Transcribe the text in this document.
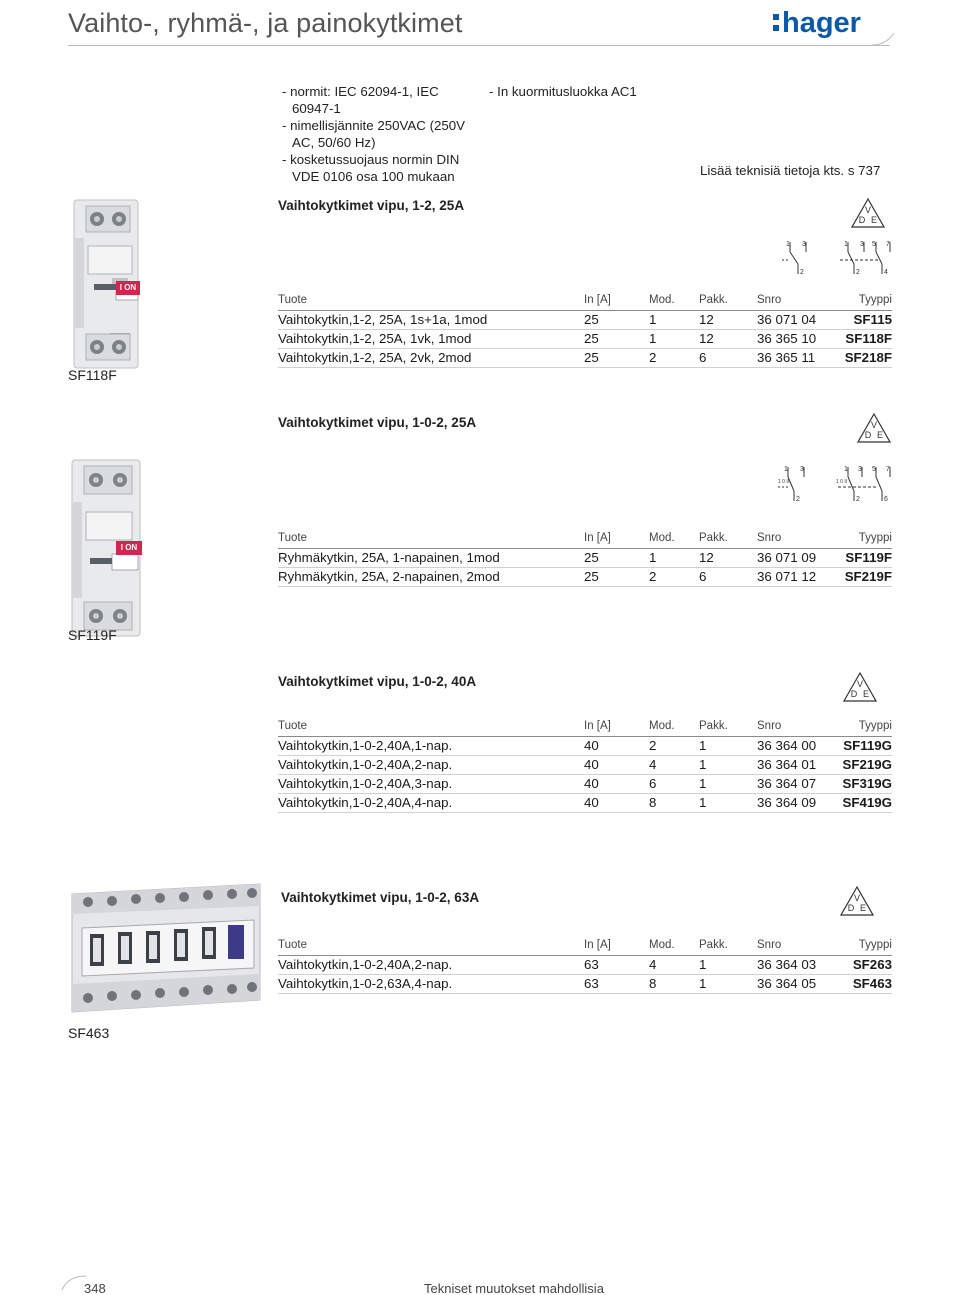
Vaihto-, ryhmä-, ja painokytkimet	hager
- normit: IEC 62094-1, IEC
60947-1
- nimellisjännite 250VAC (250V
AC, 50/60 Hz)
- kosketussuojaus normin DIN
VDE 0106 osa 100 mukaan
- In kuormitusluokka AC1
Lisää teknisiä tietoja kts. s 737
I ON
SF118F
Vaihtokytkimet vipu, 1-2, 25A	V
D E
1 3
2
1 3 5 7
2	4
Tuote	In [A]	Mod.	Pakk.	Snro	Tyyppi
Vaihtokytkin,1-2, 25A, 1s+1a, 1mod	25	1	12	36 071 04	SF115
Vaihtokytkin,1-2, 25A, 1vk, 1mod	25	1	12	36 365 10	SF118F
Vaihtokytkin,1-2, 25A, 2vk, 2mod	25	2	6	36 365 11	SF218F
I ON
SF119F
Vaihtokytkimet vipu, 1-0-2, 25A	V
D E
1 3
2
1 3 5 7
2	6
1 0 II	1 0 II
Tuote	In [A]	Mod.	Pakk.	Snro	Tyyppi
Ryhmäkytkin, 25A, 1-napainen, 1mod	25	1	12	36 071 09	SF119F
Ryhmäkytkin, 25A, 2-napainen, 2mod	25	2	6	36 071 12	SF219F
Vaihtokytkimet vipu, 1-0-2, 40A	V
D E
Tuote	In [A]	Mod.	Pakk.	Snro	Tyyppi
Vaihtokytkin,1-0-2,40A,1-nap.	40	2	1	36 364 00	SF119G
Vaihtokytkin,1-0-2,40A,2-nap.	40	4	1	36 364 01	SF219G
Vaihtokytkin,1-0-2,40A,3-nap.	40	6	1	36 364 07	SF319G
Vaihtokytkin,1-0-2,40A,4-nap.	40	8	1	36 364 09	SF419G
SF463
Vaihtokytkimet vipu, 1-0-2, 63A	V
D E
Tuote	In [A]	Mod.	Pakk.	Snro	Tyyppi
Vaihtokytkin,1-0-2,40A,2-nap.	63	4	1	36 364 03	SF263
Vaihtokytkin,1-0-2,63A,4-nap.	63	8	1	36 364 05	SF463
348	Tekniset muutokset mahdollisia
